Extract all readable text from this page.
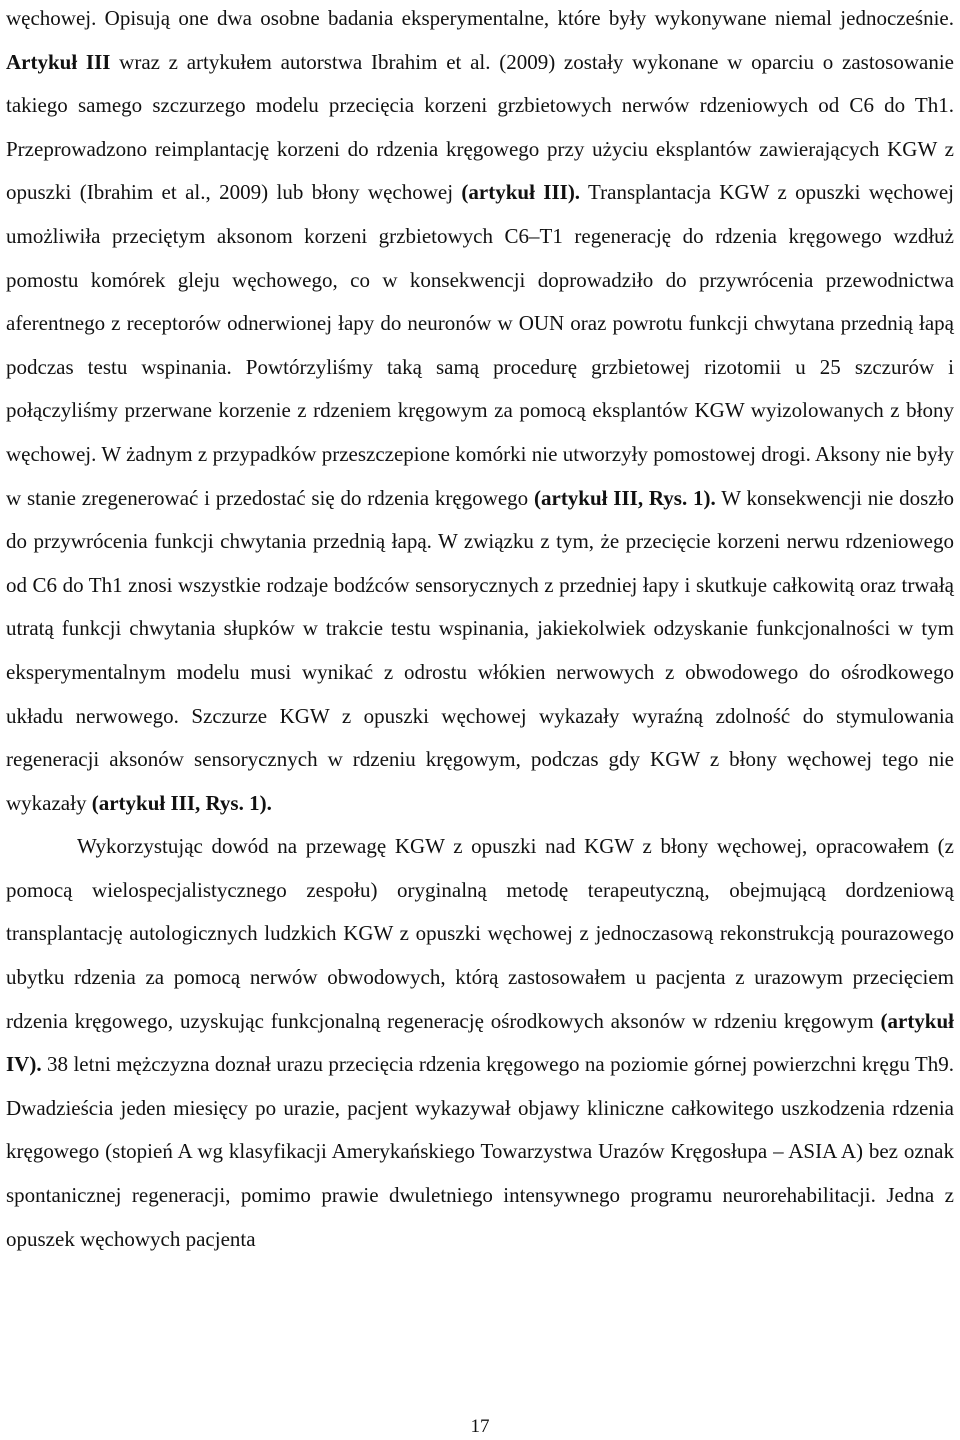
węchowej. Opisują one dwa osobne badania eksperymentalne, które były wykonywane niemal jednocześnie. Artykuł III wraz z artykułem autorstwa Ibrahim et al. (2009) zostały wykonane w oparciu o zastosowanie takiego samego szczurzego modelu przecięcia korzeni grzbietowych nerwów rdzeniowych od C6 do Th1. Przeprowadzono reimplantację korzeni do rdzenia kręgowego przy użyciu eksplantów zawierających KGW z opuszki (Ibrahim et al., 2009) lub błony węchowej (artykuł III). Transplantacja KGW z opuszki węchowej umożliwiła przeciętym aksonom korzeni grzbietowych C6–T1 regenerację do rdzenia kręgowego wzdłuż pomostu komórek gleju węchowego, co w konsekwencji doprowadziło do przywrócenia przewodnictwa aferentnego z receptorów odnerwionej łapy do neuronów w OUN oraz powrotu funkcji chwytana przednią łapą podczas testu wspinania. Powtórzyliśmy taką samą procedurę grzbietowej rizotomii u 25 szczurów i połączyliśmy przerwane korzenie z rdzeniem kręgowym za pomocą eksplantów KGW wyizolowanych z błony węchowej. W żadnym z przypadków przeszczepione komórki nie utworzyły pomostowej drogi. Aksony nie były w stanie zregenerować i przedostać się do rdzenia kręgowego (artykuł III, Rys. 1). W konsekwencji nie doszło do przywrócenia funkcji chwytania przednią łapą. W związku z tym, że przecięcie korzeni nerwu rdzeniowego od C6 do Th1 znosi wszystkie rodzaje bodźców sensorycznych z przedniej łapy i skutkuje całkowitą oraz trwałą utratą funkcji chwytania słupków w trakcie testu wspinania, jakiekolwiek odzyskanie funkcjonalności w tym eksperymentalnym modelu musi wynikać z odrostu włókien nerwowych z obwodowego do ośrodkowego układu nerwowego. Szczurze KGW z opuszki węchowej wykazały wyraźną zdolność do stymulowania regeneracji aksonów sensorycznych w rdzeniu kręgowym, podczas gdy KGW z błony węchowej tego nie wykazały (artykuł III, Rys. 1).

Wykorzystując dowód na przewagę KGW z opuszki nad KGW z błony węchowej, opracowałem (z pomocą wielospecjalistycznego zespołu) oryginalną metodę terapeutyczną, obejmującą dordzeniową transplantację autologicznych ludzkich KGW z opuszki węchowej z jednoczasową rekonstrukcją pourazowego ubytku rdzenia za pomocą nerwów obwodowych, którą zastosowałem u pacjenta z urazowym przecięciem rdzenia kręgowego, uzyskując funkcjonalną regenerację ośrodkowych aksonów w rdzeniu kręgowym (artykuł IV). 38 letni mężczyzna doznał urazu przecięcia rdzenia kręgowego na poziomie górnej powierzchni kręgu Th9. Dwadzieścia jeden miesięcy po urazie, pacjent wykazywał objawy kliniczne całkowitego uszkodzenia rdzenia kręgowego (stopień A wg klasyfikacji Amerykańskiego Towarzystwa Urazów Kręgosłupa – ASIA A) bez oznak spontanicznej regeneracji, pomimo prawie dwuletniego intensywnego programu neurorehabilitacji. Jedna z opuszek węchowych pacjenta

17
